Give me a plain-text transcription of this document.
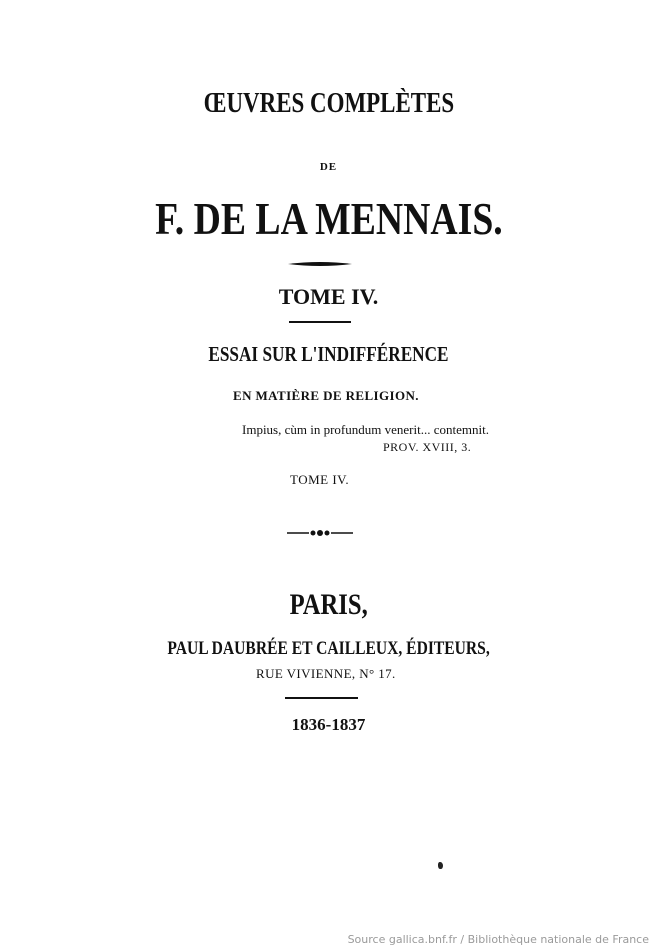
ŒUVRES COMPLÈTES
DE
F. DE LA MENNAIS.
TOME IV.
ESSAI SUR L'INDIFFÉRENCE
EN MATIÈRE DE RELIGION.
Impius, cùm in profundum venerit... contemnit.
PROV. XVIII, 3.
TOME IV.
PARIS,
PAUL DAUBRÉE ET CAILLEUX, ÉDITEURS,
RUE VIVIENNE, N° 17.
1836-1837
Source gallica.bnf.fr / Bibliothèque nationale de France
